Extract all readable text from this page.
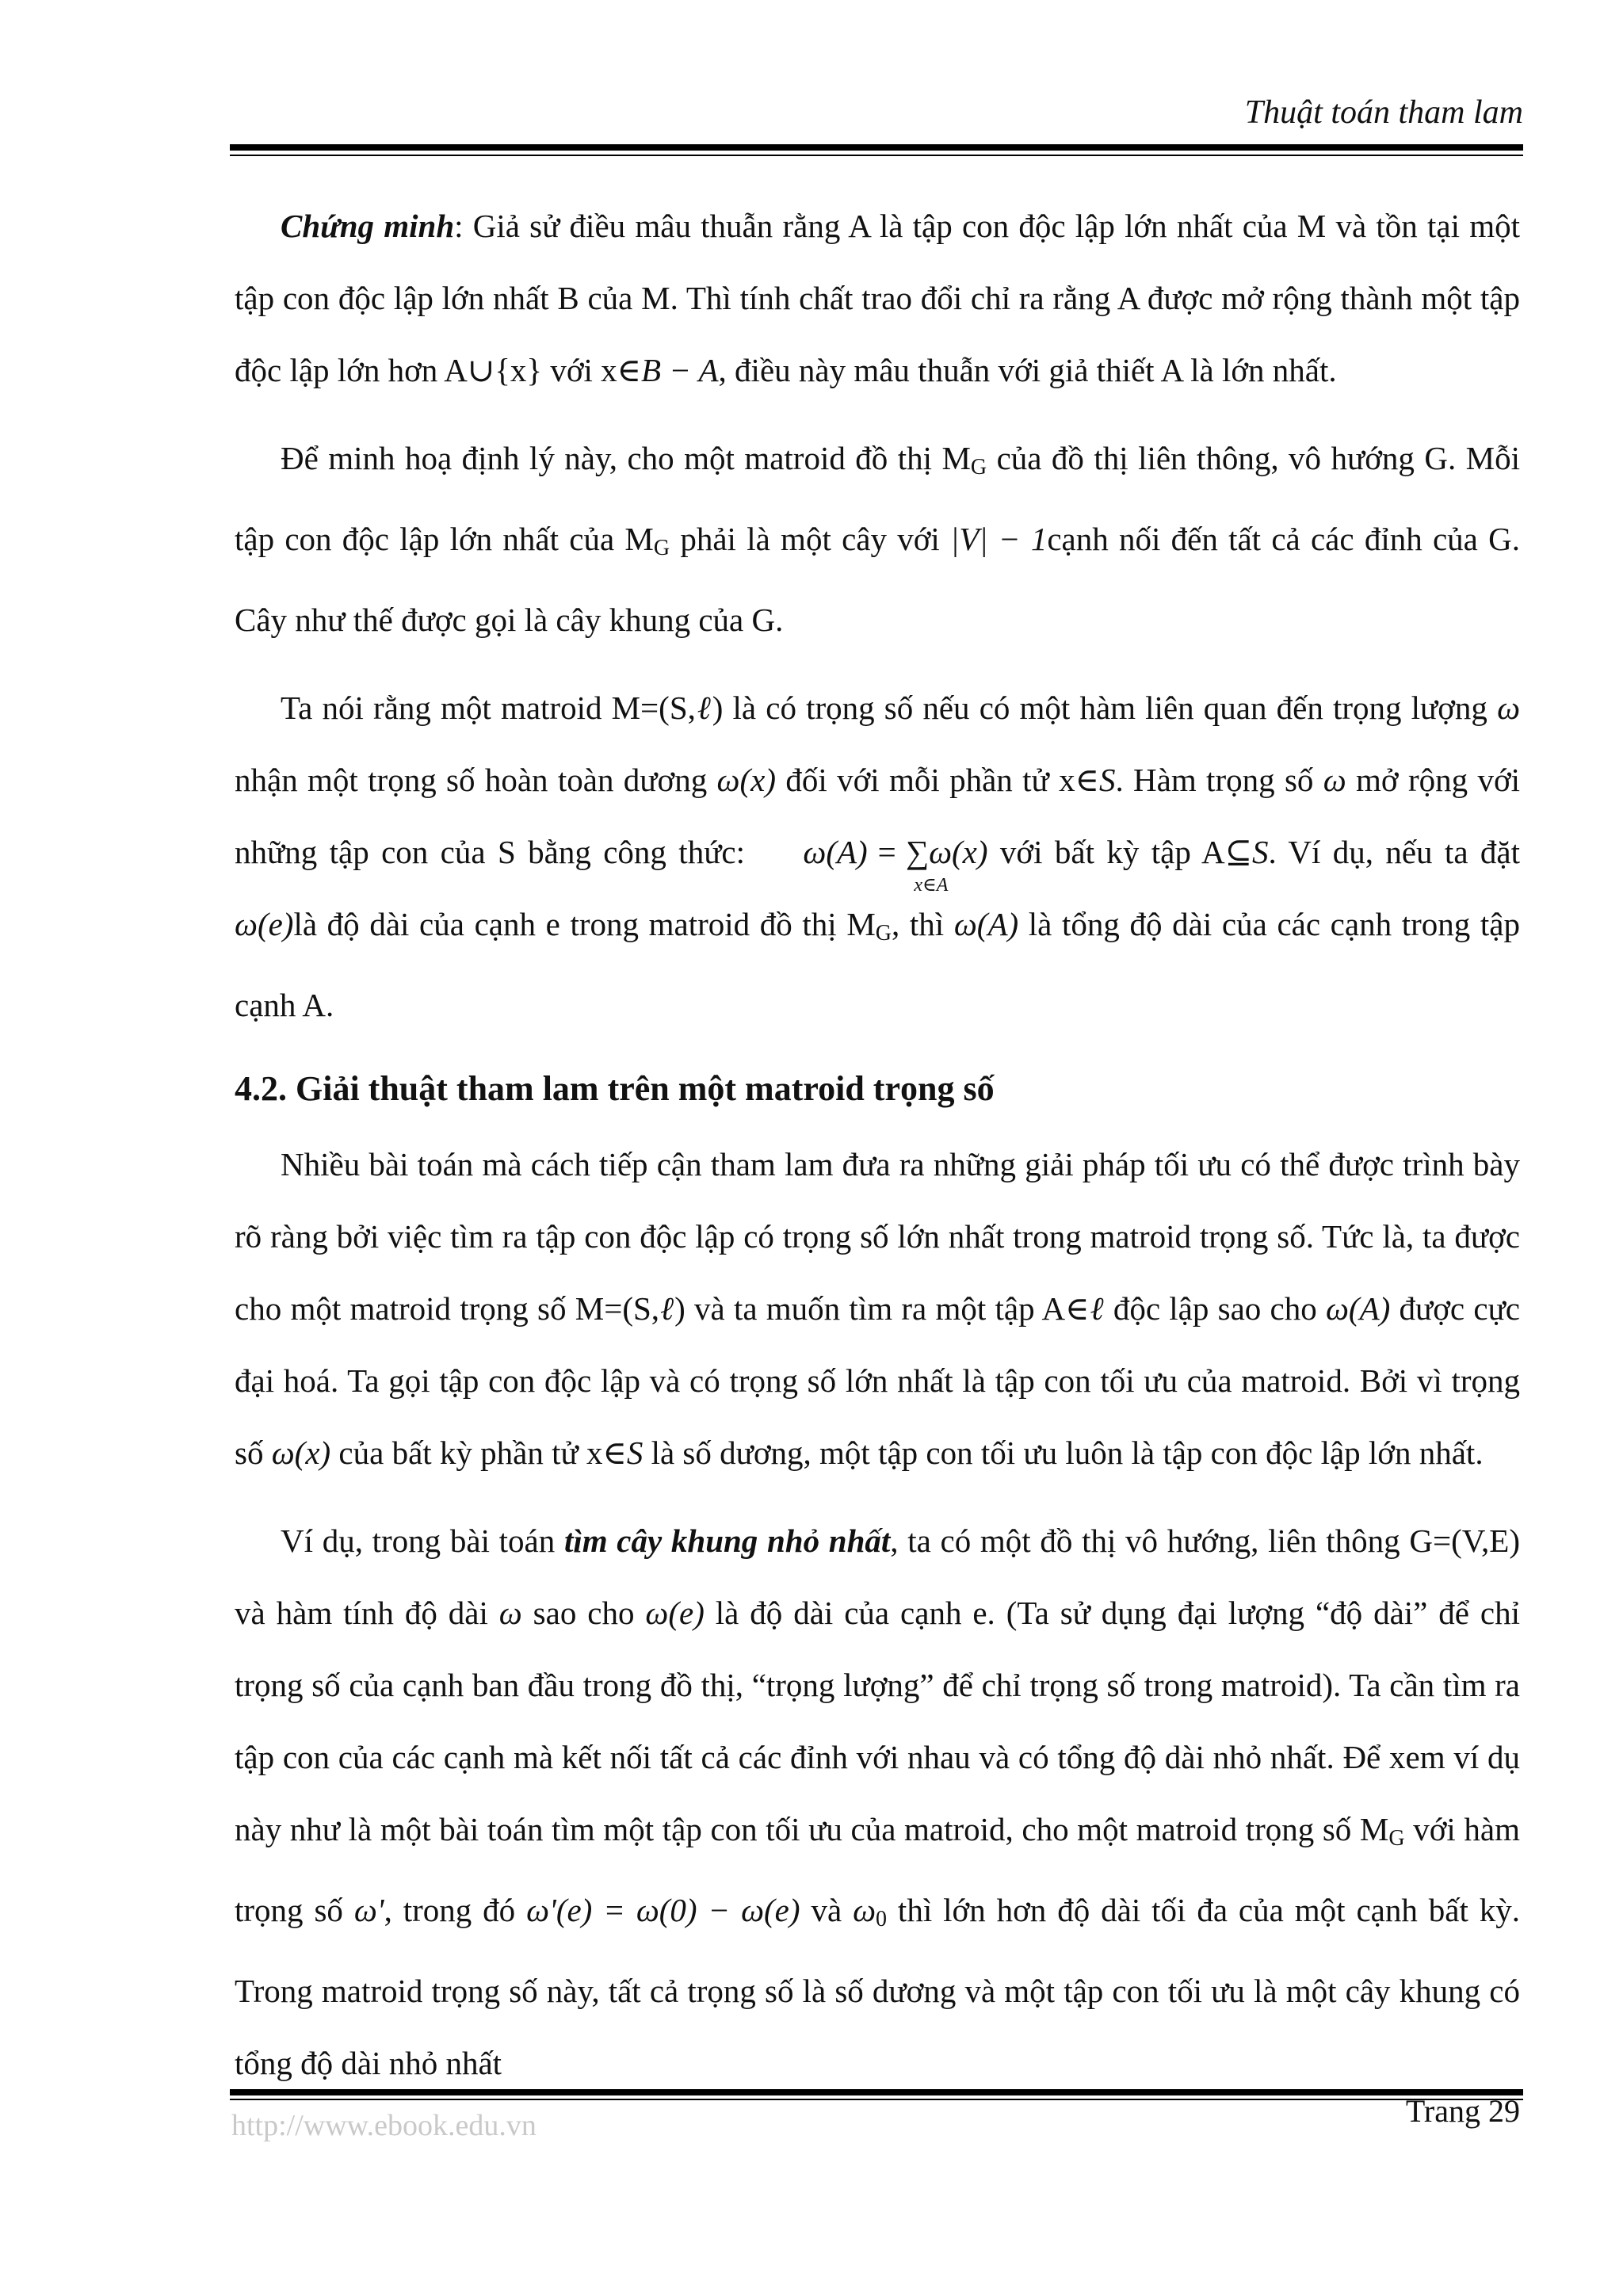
Thuật toán tham lam

Chứng minh: Giả sử điều mâu thuẫn rằng A là tập con độc lập lớn nhất của M và tồn tại một tập con độc lập lớn nhất B của M. Thì tính chất trao đổi chỉ ra rằng A được mở rộng thành một tập độc lập lớn hơn A∪{x} với x∈B − A, điều này mâu thuẫn với giả thiết A là lớn nhất.

Để minh hoạ định lý này, cho một matroid đồ thị $M_G$ của đồ thị liên thông, vô hướng G. Mỗi tập con độc lập lớn nhất của $M_G$ phải là một cây với |V| − 1cạnh nối đến tất cả các đỉnh của G. Cây như thế được gọi là cây khung của G.

Ta nói rằng một matroid M=(S,ℓ) là có trọng số nếu có một hàm liên quan đến trọng lượng ω nhận một trọng số hoàn toàn dương ω(x) đối với mỗi phần tử x∈S. Hàm trọng số ω mở rộng với những tập con của S bằng công thức: ω(A) = ∑ω(x)
x∈A
với bất kỳ tập A⊆S. Ví dụ, nếu ta đặt ω(e)là độ dài của cạnh e trong matroid đồ thị $M_G$, thì ω(A) là tổng độ dài của các cạnh trong tập cạnh A.

4.2. Giải thuật tham lam trên một matroid trọng số

Nhiều bài toán mà cách tiếp cận tham lam đưa ra những giải pháp tối ưu có thể được trình bày rõ ràng bởi việc tìm ra tập con độc lập có trọng số lớn nhất trong matroid trọng số. Tức là, ta được cho một matroid trọng số M=(S,ℓ) và ta muốn tìm ra một tập A∈ℓ độc lập sao cho ω(A) được cực đại hoá. Ta gọi tập con độc lập và có trọng số lớn nhất là tập con tối ưu của matroid. Bởi vì trọng số ω(x) của bất kỳ phần tử x∈S là số dương, một tập con tối ưu luôn là tập con độc lập lớn nhất.

Ví dụ, trong bài toán tìm cây khung nhỏ nhất, ta có một đồ thị vô hướng, liên thông G=(V,E) và hàm tính độ dài ω sao cho ω(e) là độ dài của cạnh e. (Ta sử dụng đại lượng “độ dài” để chỉ trọng số của cạnh ban đầu trong đồ thị, “trọng lượng” để chỉ trọng số trong matroid). Ta cần tìm ra tập con của các cạnh mà kết nối tất cả các đỉnh với nhau và có tổng độ dài nhỏ nhất. Để xem ví dụ này như là một bài toán tìm một tập con tối ưu của matroid, cho một matroid trọng số $M_G$ với hàm trọng số ω', trong đó ω'(e) = ω(0) − ω(e) và $\omega_0$ thì lớn hơn độ dài tối đa của một cạnh bất kỳ. Trong matroid trọng số này, tất cả trọng số là số dương và một tập con tối ưu là một cây khung có tổng độ dài nhỏ nhất

http://www.ebook.edu.vn	Trang 29
